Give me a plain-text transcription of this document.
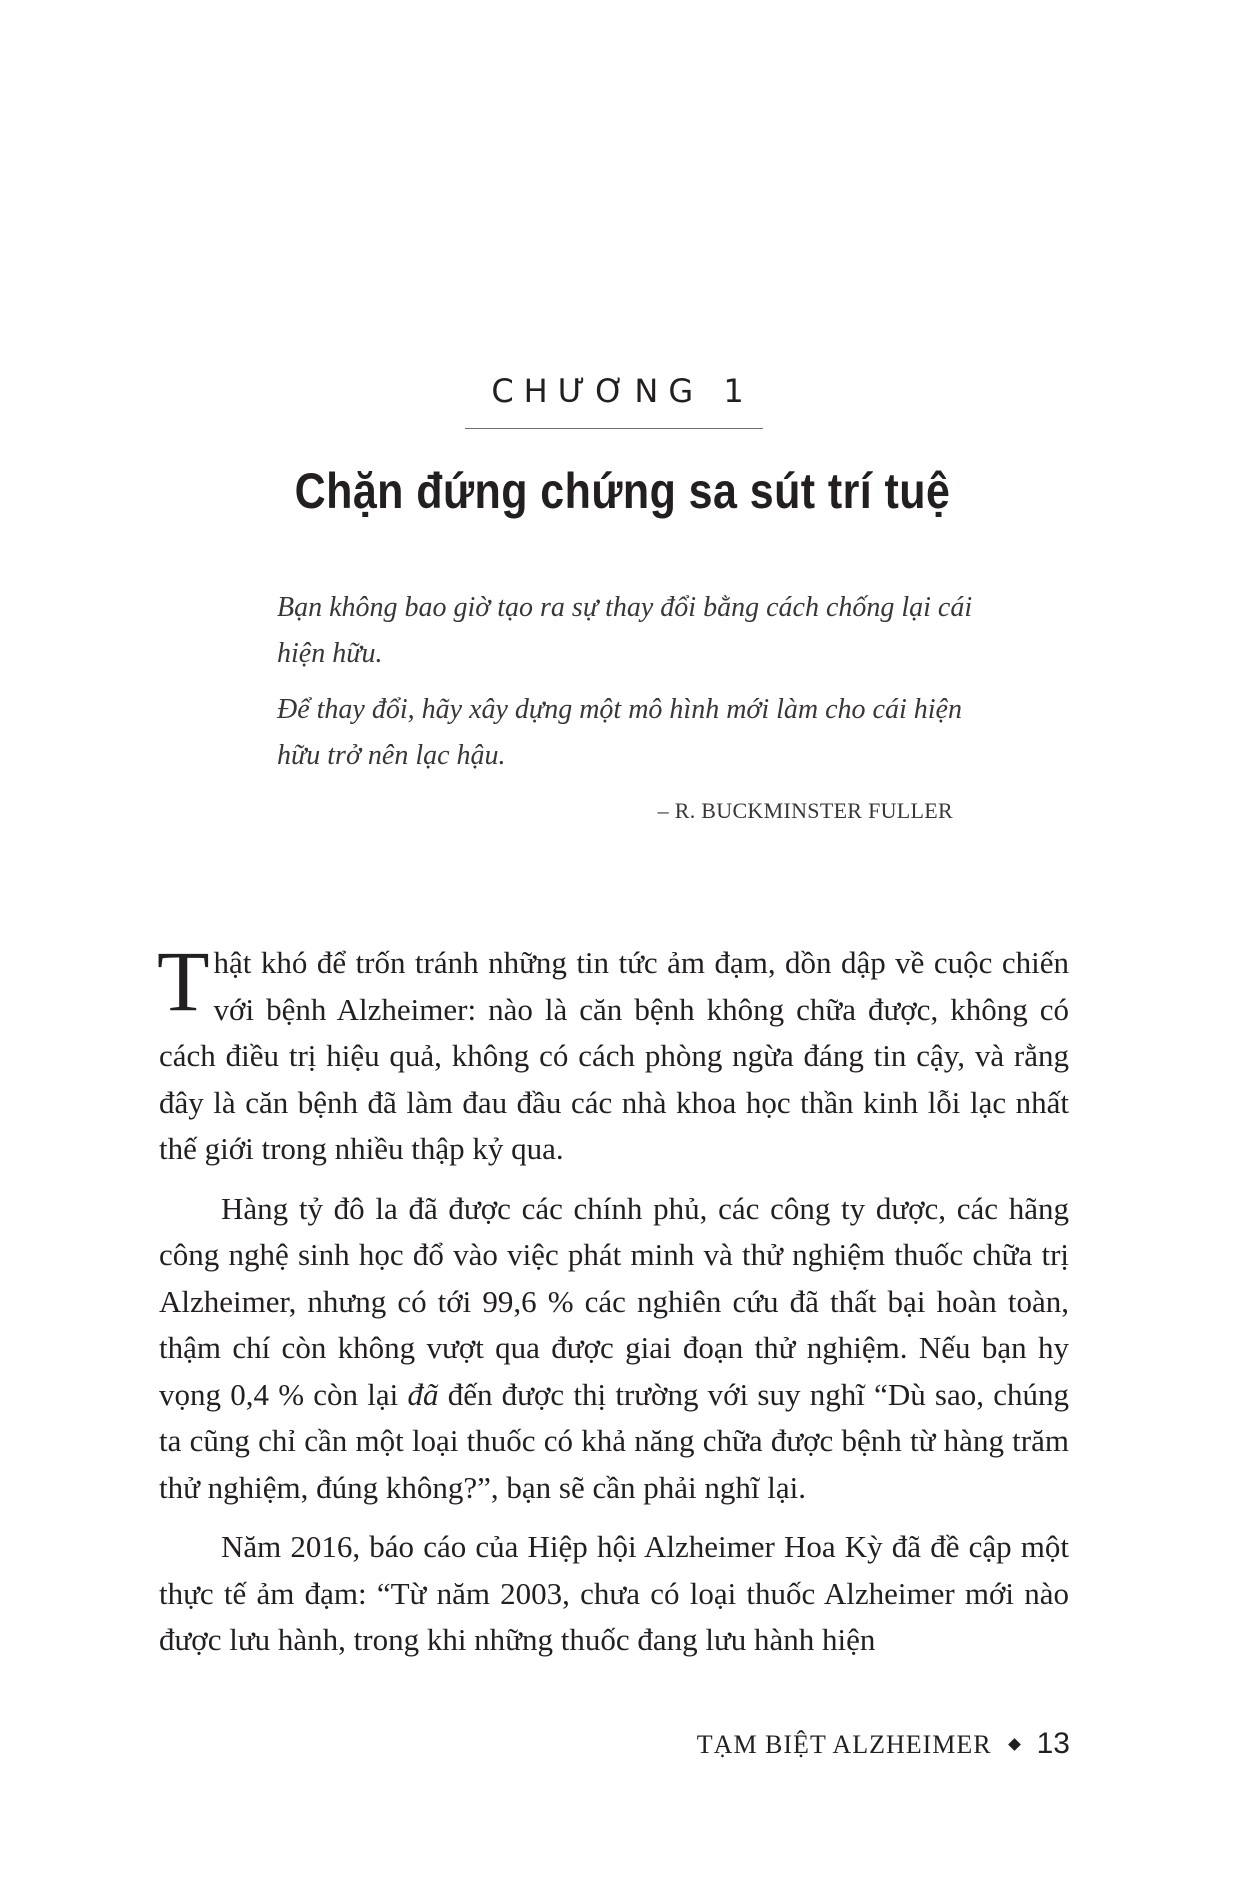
CHƯƠNG 1
Chặn đứng chứng sa sút trí tuệ

Bạn không bao giờ tạo ra sự thay đổi bằng cách chống lại cái hiện hữu.

Để thay đổi, hãy xây dựng một mô hình mới làm cho cái hiện hữu trở nên lạc hậu.

– R. BUCKMINSTER FULLER

Thật khó để trốn tránh những tin tức ảm đạm, dồn dập về cuộc chiến với bệnh Alzheimer: nào là căn bệnh không chữa được, không có cách điều trị hiệu quả, không có cách phòng ngừa đáng tin cậy, và rằng đây là căn bệnh đã làm đau đầu các nhà khoa học thần kinh lỗi lạc nhất thế giới trong nhiều thập kỷ qua.

Hàng tỷ đô la đã được các chính phủ, các công ty dược, các hãng công nghệ sinh học đổ vào việc phát minh và thử nghiệm thuốc chữa trị Alzheimer, nhưng có tới 99,6 % các nghiên cứu đã thất bại hoàn toàn, thậm chí còn không vượt qua được giai đoạn thử nghiệm. Nếu bạn hy vọng 0,4 % còn lại đã đến được thị trường với suy nghĩ “Dù sao, chúng ta cũng chỉ cần một loại thuốc có khả năng chữa được bệnh từ hàng trăm thử nghiệm, đúng không?”, bạn sẽ cần phải nghĩ lại.

Năm 2016, báo cáo của Hiệp hội Alzheimer Hoa Kỳ đã đề cập một thực tế ảm đạm: “Từ năm 2003, chưa có loại thuốc Alzheimer mới nào được lưu hành, trong khi những thuốc đang lưu hành hiện

TẠM BIỆT ALZHEIMER 13
